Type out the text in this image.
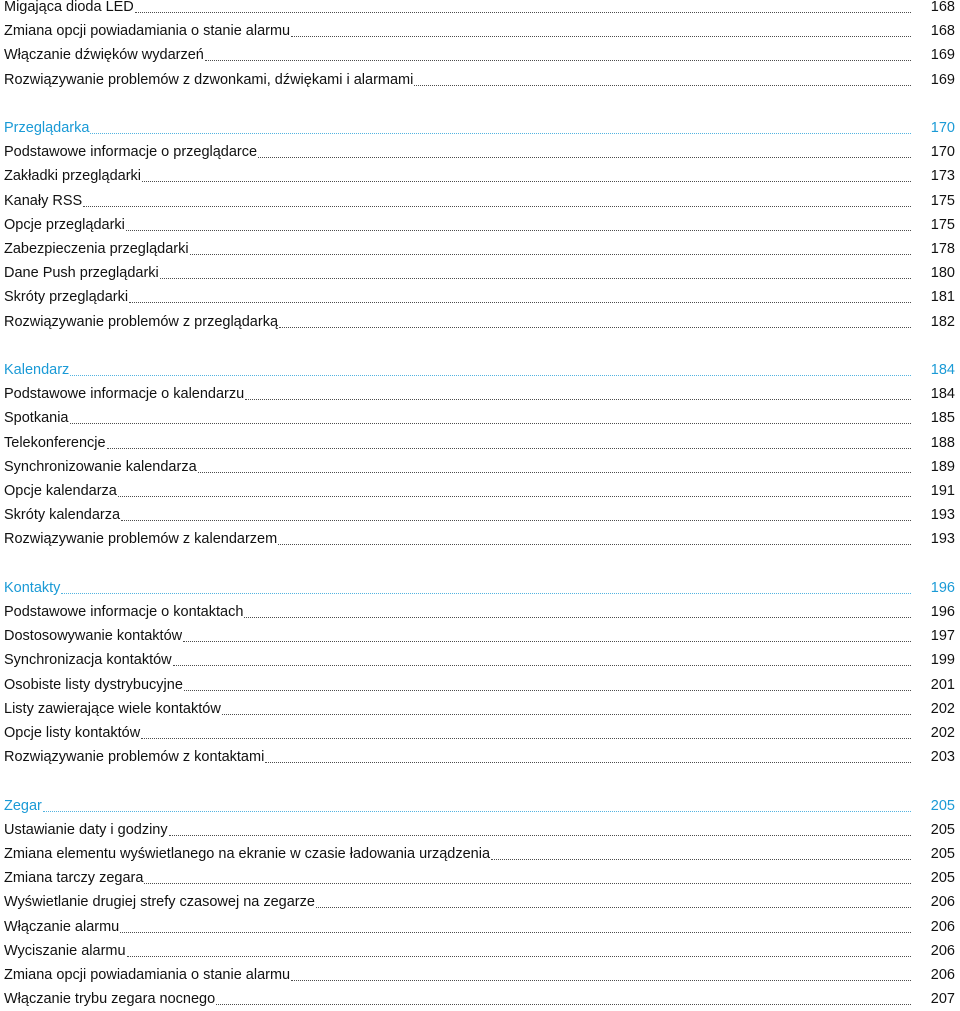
Migająca dioda LED	168
Zmiana opcji powiadamiania o stanie alarmu	168
Włączanie dźwięków wydarzeń	169
Rozwiązywanie problemów z dzwonkami, dźwiękami i alarmami	169
Przeglądarka	170
Podstawowe informacje o przeglądarce	170
Zakładki przeglądarki	173
Kanały RSS	175
Opcje przeglądarki	175
Zabezpieczenia przeglądarki	178
Dane Push przeglądarki	180
Skróty przeglądarki	181
Rozwiązywanie problemów z przeglądarką	182
Kalendarz	184
Podstawowe informacje o kalendarzu	184
Spotkania	185
Telekonferencje	188
Synchronizowanie kalendarza	189
Opcje kalendarza	191
Skróty kalendarza	193
Rozwiązywanie problemów z kalendarzem	193
Kontakty	196
Podstawowe informacje o kontaktach	196
Dostosowywanie kontaktów	197
Synchronizacja kontaktów	199
Osobiste listy dystrybucyjne	201
Listy zawierające wiele kontaktów	202
Opcje listy kontaktów	202
Rozwiązywanie problemów z kontaktami	203
Zegar	205
Ustawianie daty i godziny	205
Zmiana elementu wyświetlanego na ekranie w czasie ładowania urządzenia	205
Zmiana tarczy zegara	205
Wyświetlanie drugiej strefy czasowej na zegarze	206
Włączanie alarmu	206
Wyciszanie alarmu	206
Zmiana opcji powiadamiania o stanie alarmu	206
Włączanie trybu zegara nocnego	207
